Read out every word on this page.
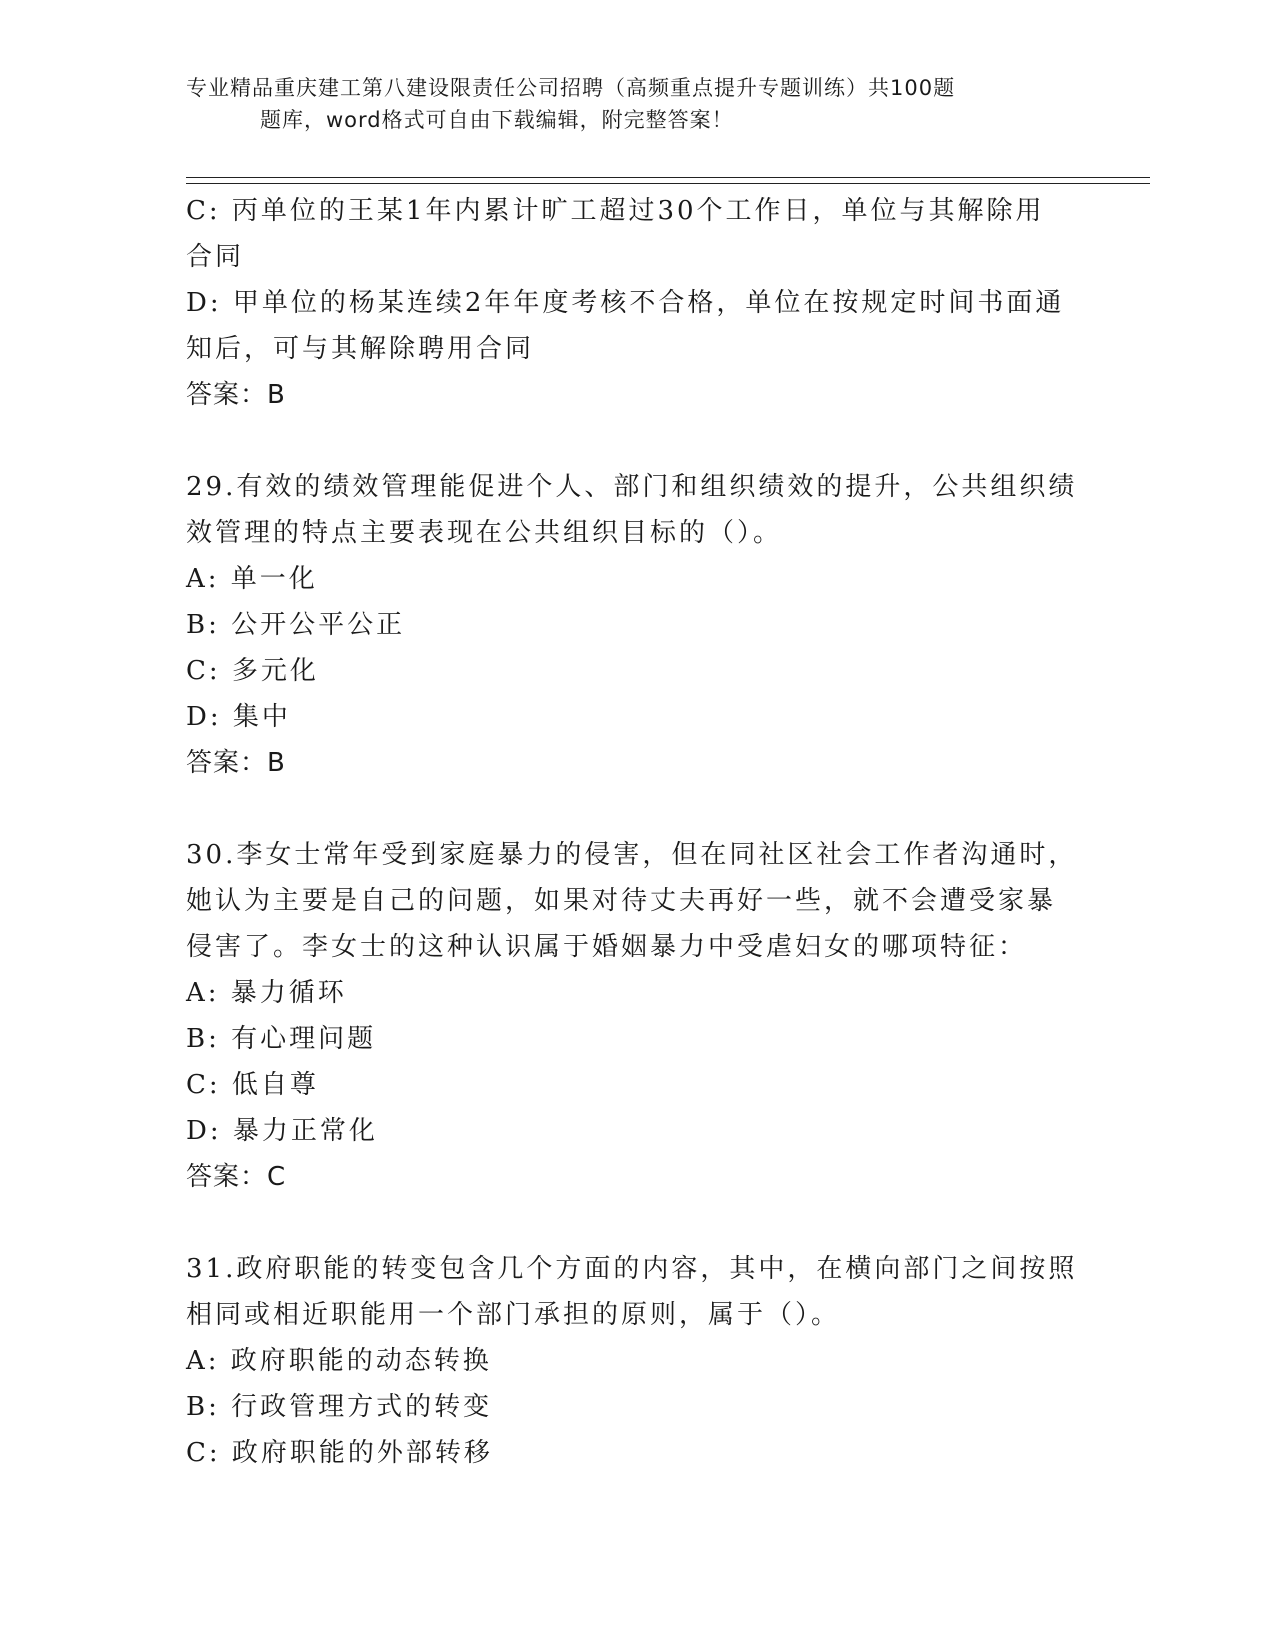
专业精品重庆建工第八建设限责任公司招聘（高频重点提升专题训练）共100题
题库，word格式可自由下载编辑，附完整答案！
C: 丙单位的王某1年内累计旷工超过30个工作日，单位与其解除用
合同
D: 甲单位的杨某连续2年年度考核不合格，单位在按规定时间书面通
知后，可与其解除聘用合同
答案：B
29.有效的绩效管理能促进个人、部门和组织绩效的提升，公共组织绩
效管理的特点主要表现在公共组织目标的（）。
A: 单一化
B: 公开公平公正
C: 多元化
D: 集中
答案：B
30.李女士常年受到家庭暴力的侵害，但在同社区社会工作者沟通时，
她认为主要是自己的问题，如果对待丈夫再好一些，就不会遭受家暴
侵害了。李女士的这种认识属于婚姻暴力中受虐妇女的哪项特征：
A: 暴力循环
B: 有心理问题
C: 低自尊
D: 暴力正常化
答案：C
31.政府职能的转变包含几个方面的内容，其中，在横向部门之间按照
相同或相近职能用一个部门承担的原则，属于（）。
A: 政府职能的动态转换
B: 行政管理方式的转变
C: 政府职能的外部转移
